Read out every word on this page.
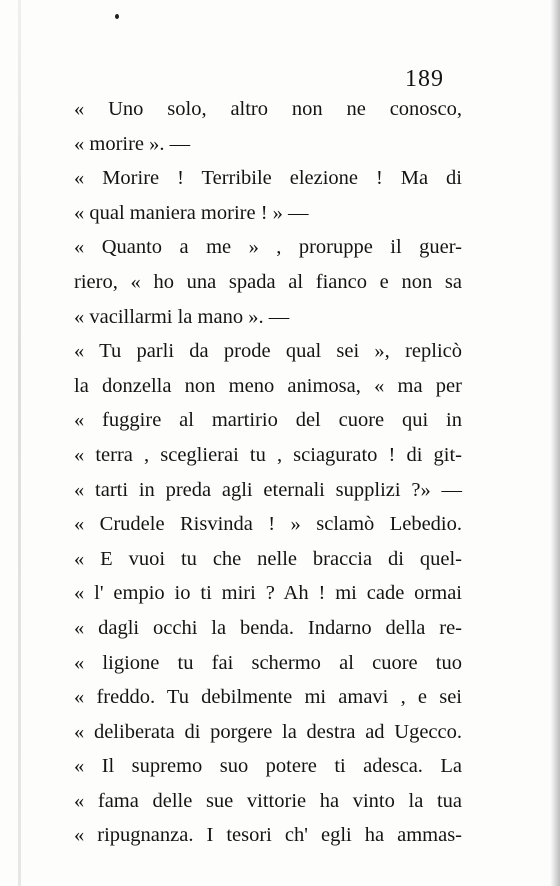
189
« Uno solo, altro non ne conosco,
« morire ». —
« Morire ! Terribile elezione ! Ma di
« qual maniera morire ! » —
« Quanto a me » , proruppe il guer-
riero, « ho una spada al fianco e non sa
« vacillarmi la mano ». —
« Tu parli da prode qual sei », replicò
la donzella non meno animosa, « ma per
« fuggire al martirio del cuore qui in
« terra , sceglierai tu , sciagurato ! di git-
« tarti in preda agli eternali supplizi ?» —
« Crudele Risvinda ! » sclamò Lebedio.
« E vuoi tu che nelle braccia di quel-
« l' empio io ti miri ? Ah ! mi cade ormai
« dagli occhi la benda. Indarno della re-
« ligione tu fai schermo al cuore tuo
« freddo. Tu debilmente mi amavi , e sei
« deliberata di porgere la destra ad Ugecco.
« Il supremo suo potere ti adesca. La
« fama delle sue vittorie ha vinto la tua
« ripugnanza. I tesori ch' egli ha ammas-
